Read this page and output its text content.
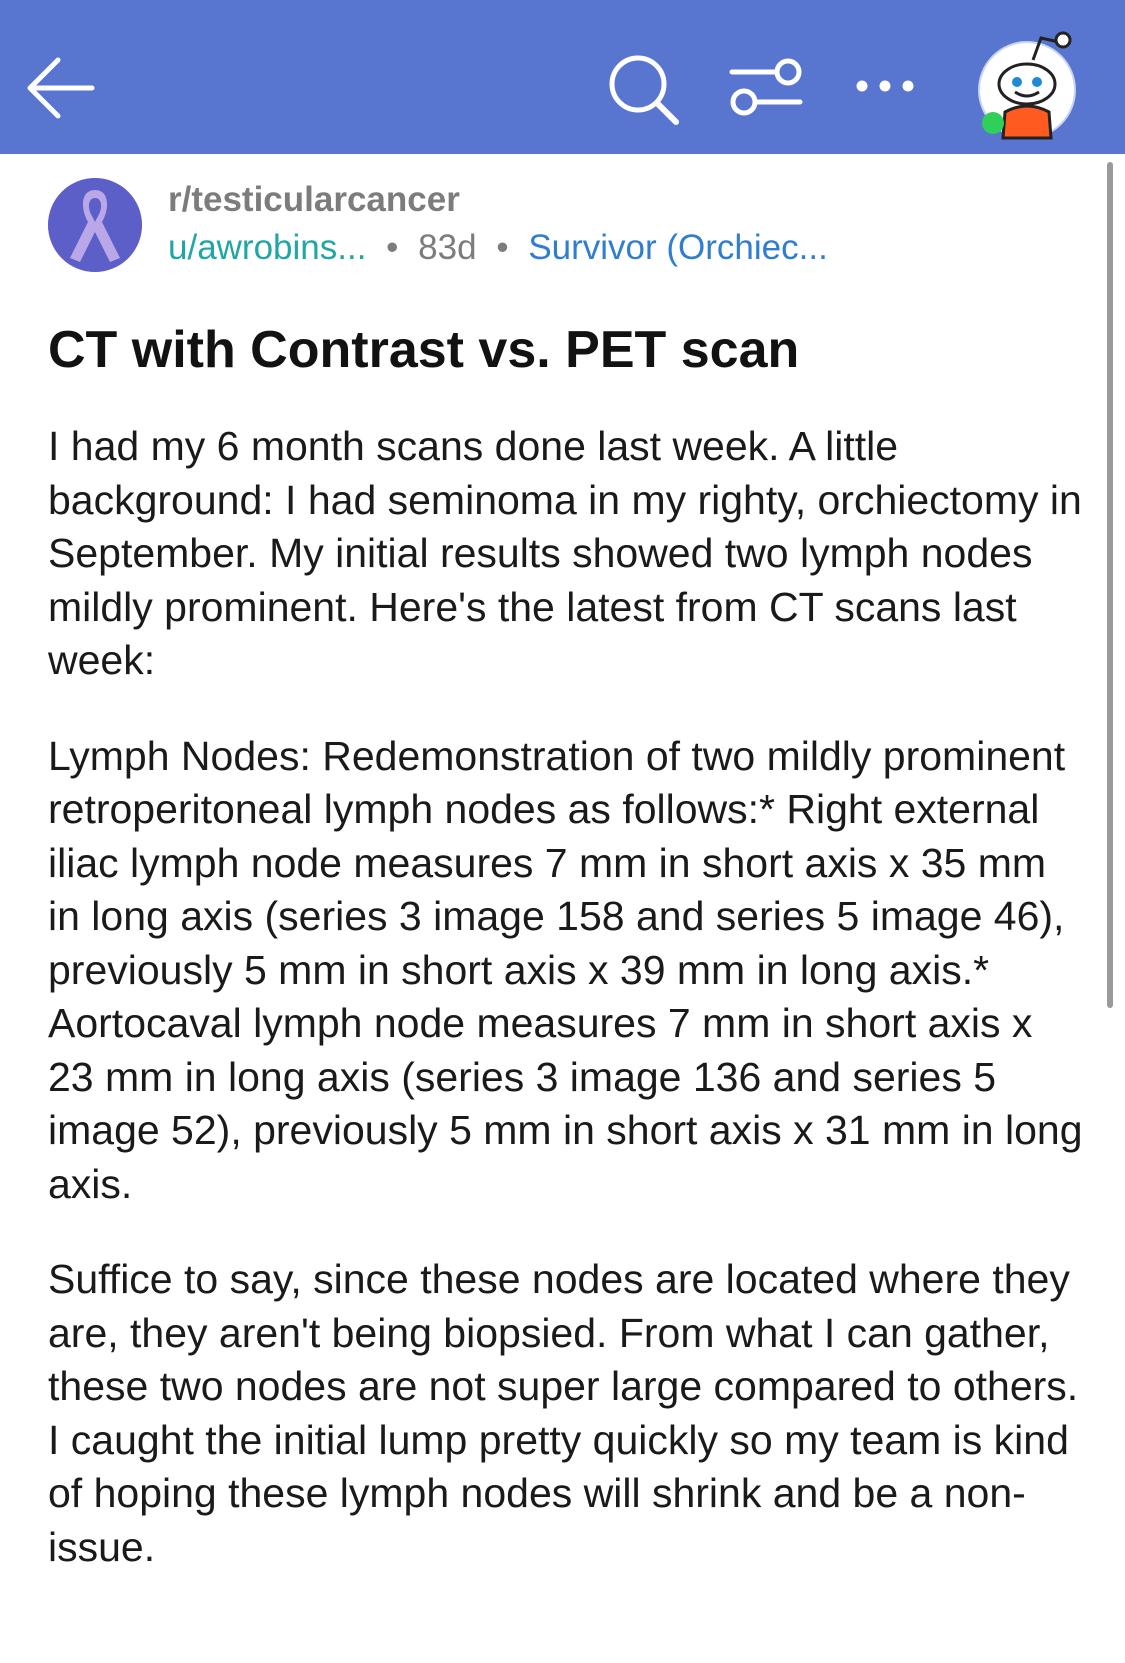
r/testicularcancer
u/awrobins... • 83d • Survivor (Orchiec...
CT with Contrast vs. PET scan

I had my 6 month scans done last week. A little background: I had seminoma in my righty, orchiectomy in September. My initial results showed two lymph nodes mildly prominent. Here's the latest from CT scans last week:

Lymph Nodes: Redemonstration of two mildly prominent retroperitoneal lymph nodes as follows:* Right external iliac lymph node measures 7 mm in short axis x 35 mm in long axis (series 3 image 158 and series 5 image 46), previously 5 mm in short axis x 39 mm in long axis.* Aortocaval lymph node measures 7 mm in short axis x 23 mm in long axis (series 3 image 136 and series 5 image 52), previously 5 mm in short axis x 31 mm in long axis.

Suffice to say, since these nodes are located where they are, they aren't being biopsied. From what I can gather, these two nodes are not super large compared to others. I caught the initial lump pretty quickly so my team is kind of hoping these lymph nodes will shrink and be a non-issue.
